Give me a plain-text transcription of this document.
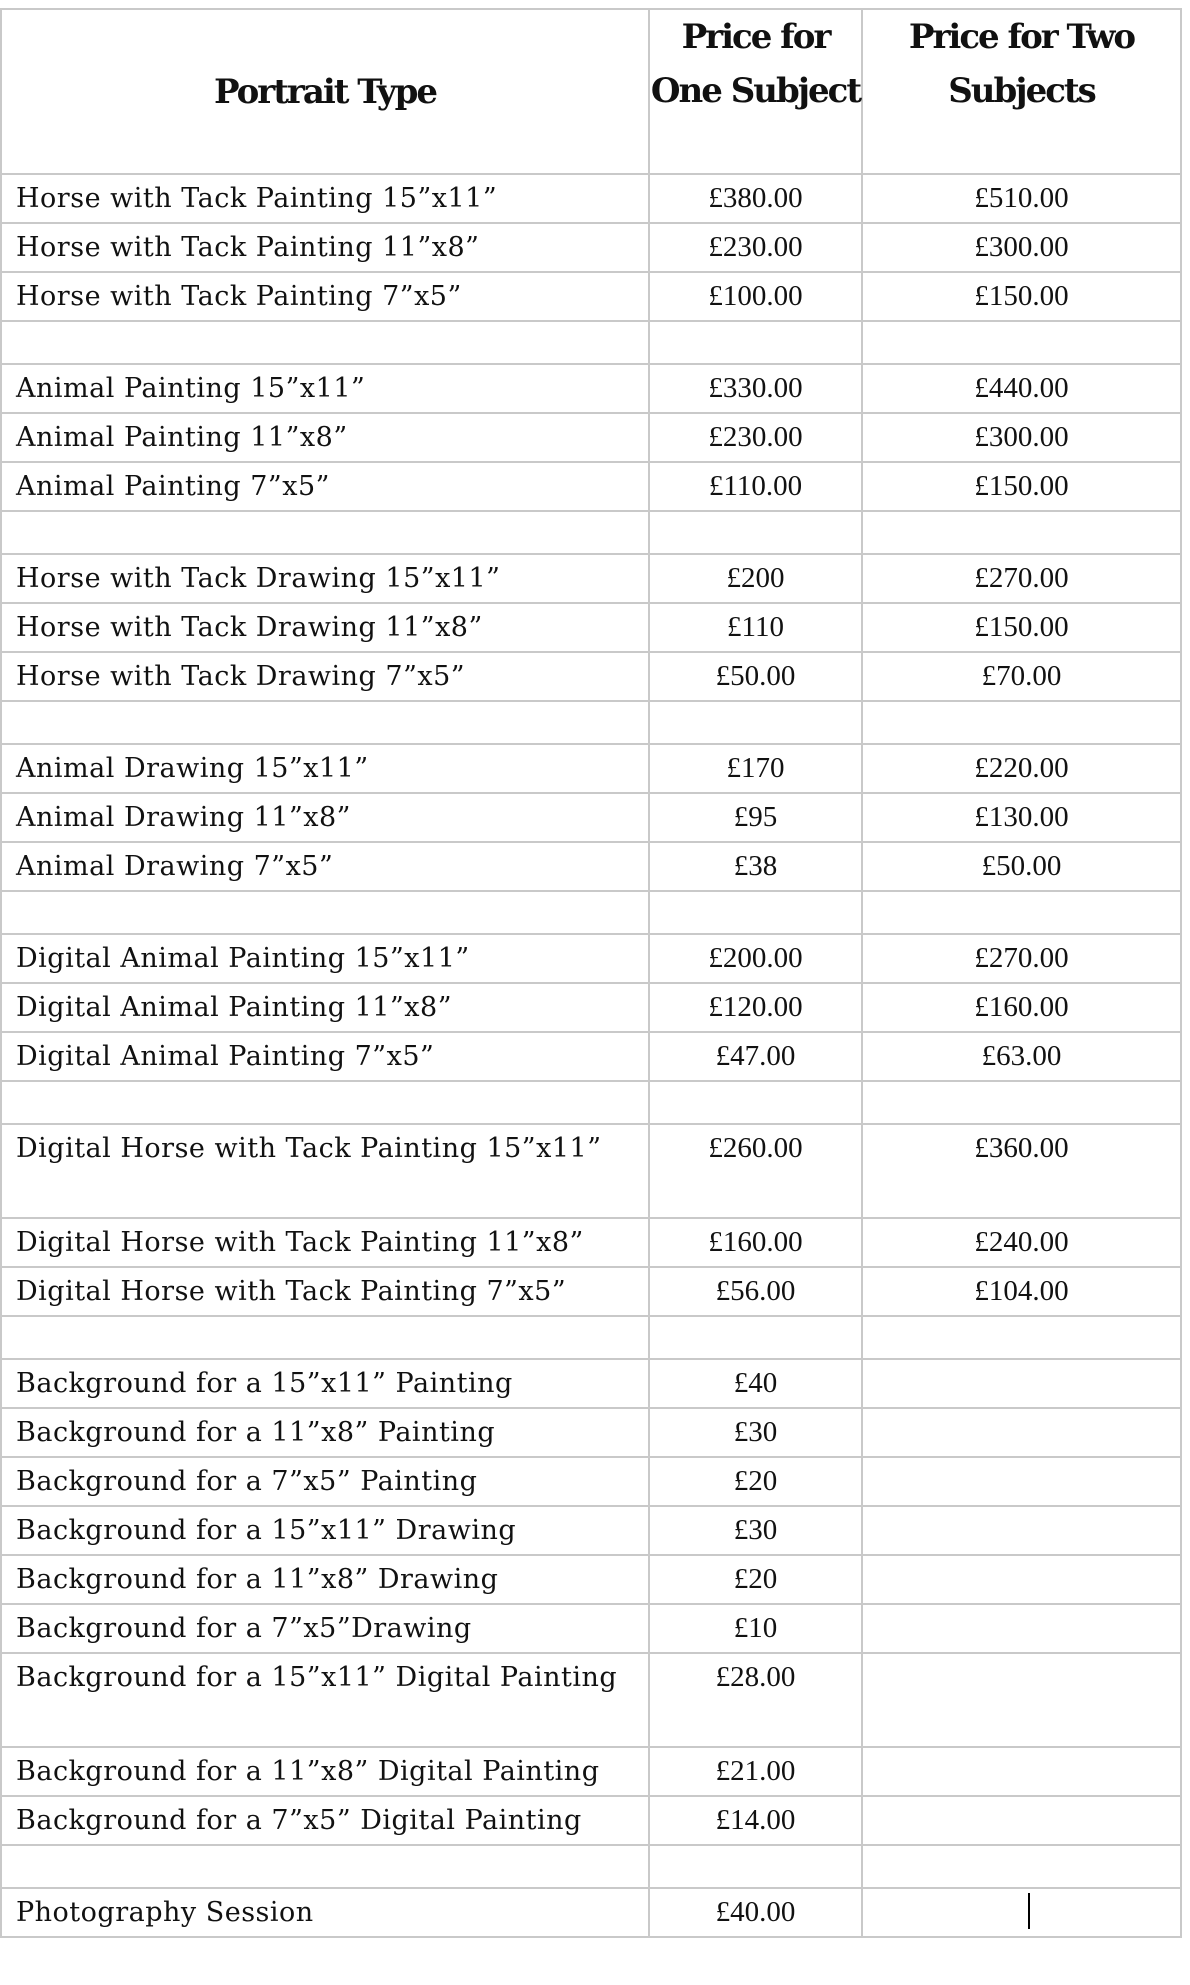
Portrait Type	Price for One Subject	Price for Two Subjects
Horse with Tack Painting 15”x11”	£380.00	£510.00
Horse with Tack Painting 11”x8”	£230.00	£300.00
Horse with Tack Painting 7”x5”	£100.00	£150.00

Animal Painting 15”x11”	£330.00	£440.00
Animal Painting 11”x8”	£230.00	£300.00
Animal Painting 7”x5”	£110.00	£150.00

Horse with Tack Drawing 15”x11”	£200	£270.00
Horse with Tack Drawing 11”x8”	£110	£150.00
Horse with Tack Drawing 7”x5”	£50.00	£70.00

Animal Drawing 15”x11”	£170	£220.00
Animal Drawing 11”x8”	£95	£130.00
Animal Drawing 7”x5”	£38	£50.00

Digital Animal Painting 15”x11”	£200.00	£270.00
Digital Animal Painting 11”x8”	£120.00	£160.00
Digital Animal Painting 7”x5”	£47.00	£63.00

Digital Horse with Tack Painting 15”x11”	£260.00	£360.00
Digital Horse with Tack Painting 11”x8”	£160.00	£240.00
Digital Horse with Tack Painting 7”x5”	£56.00	£104.00

Background for a 15”x11” Painting	£40	
Background for a 11”x8” Painting	£30	
Background for a 7”x5” Painting	£20	
Background for a 15”x11” Drawing	£30	
Background for a 11”x8” Drawing	£20	
Background for a 7”x5”Drawing	£10	
Background for a 15”x11” Digital Painting	£28.00	
Background for a 11”x8” Digital Painting	£21.00	
Background for a 7”x5” Digital Painting	£14.00	

Photography Session	£40.00	
